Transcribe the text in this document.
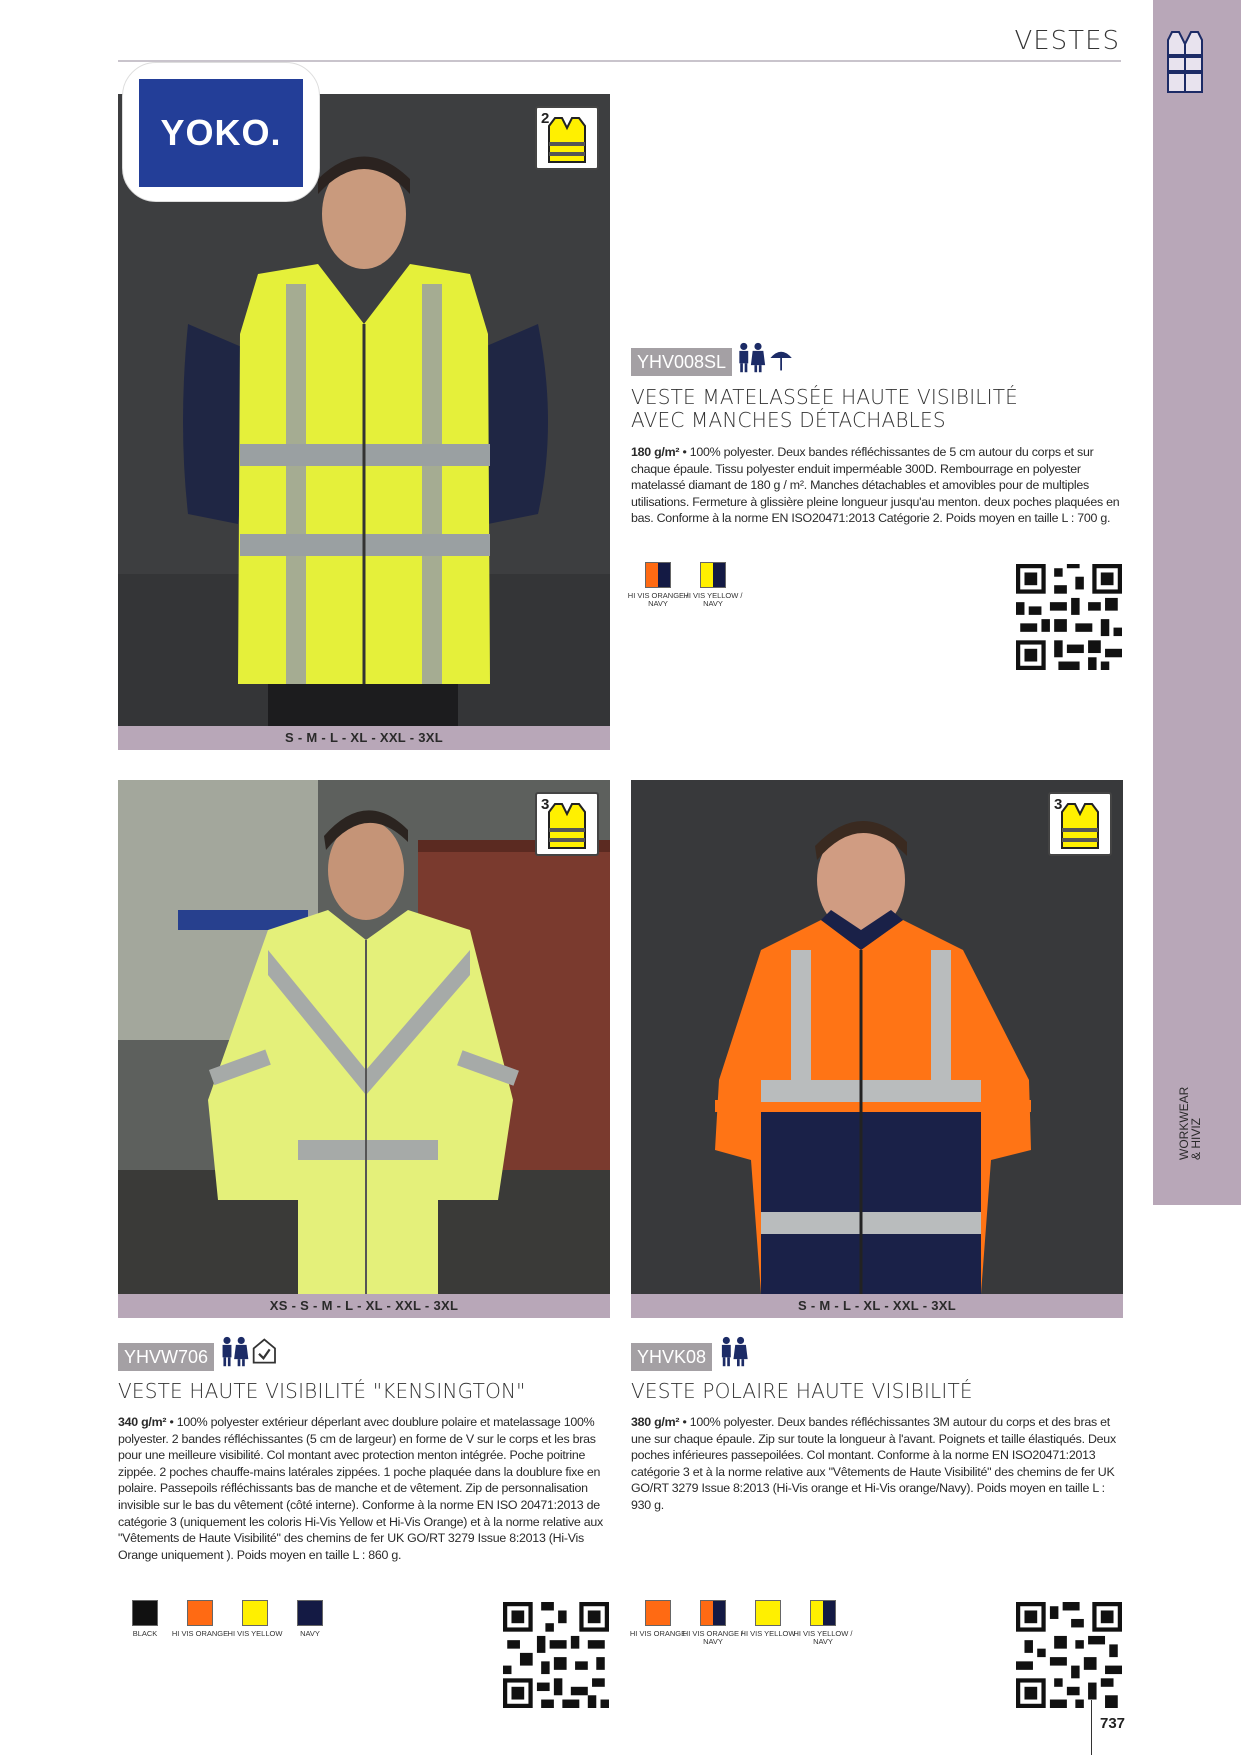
VESTES
WORKWEAR
& HIVIZ
YOKO.	2
S - M - L - XL - XXL - 3XL
YHV008SL
VESTE MATELASSÉE HAUTE VISIBILITÉ
AVEC MANCHES DÉTACHABLES
180 g/m² • 100% polyester. Deux bandes réfléchissantes de 5 cm autour du corps et sur chaque épaule. Tissu polyester enduit imperméable 300D. Rembourrage en polyester matelassé diamant de 180 g / m². Manches détachables et amovibles pour de multiples utilisations. Fermeture à glissière pleine longueur jusqu'au menton. deux poches plaquées en bas. Conforme à la norme EN ISO20471:2013 Catégorie 2. Poids moyen en taille L : 700 g.
HI VIS ORANGE / NAVY
HI VIS YELLOW / NAVY
3
XS - S - M - L - XL - XXL - 3XL
3
S - M - L - XL - XXL - 3XL
YHVW706
VESTE HAUTE VISIBILITÉ "KENSINGTON"
340 g/m² • 100% polyester extérieur déperlant avec doublure polaire et matelassage 100% polyester. 2 bandes réfléchissantes (5 cm de largeur) en forme de V sur le corps et les bras pour une meilleure visibilité. Col montant avec protection menton intégrée. Poche poitrine zippée. 2 poches chauffe-mains latérales zippées. 1 poche plaquée dans la doublure fixe en polaire. Passepoils réfléchissants bas de manche et de vêtement. Zip de personnalisation invisible sur le bas du vêtement (côté interne). Conforme à la norme EN ISO 20471:2013 de catégorie 3 (uniquement les coloris Hi-Vis Yellow et Hi-Vis Orange) et à la norme relative aux "Vêtements de Haute Visibilité" des chemins de fer UK GO/RT 3279 Issue 8:2013 (Hi-Vis Orange uniquement ). Poids moyen en taille L : 860 g.
BLACK	HI VIS ORANGE HI VIS YELLOW	NAVY
YHVK08
VESTE POLAIRE HAUTE VISIBILITÉ
380 g/m² • 100% polyester. Deux bandes réfléchissantes 3M autour du corps et des bras et une sur chaque épaule. Zip sur toute la longueur à l'avant. Poignets et taille élastiqués. Deux poches inférieures passepoilées. Col montant. Conforme à la norme EN ISO20471:2013 catégorie 3 et à la norme relative aux "Vêtements de Haute Visibilité" des chemins de fer UK GO/RT 3279 Issue 8:2013 (Hi-Vis orange et Hi-Vis orange/Navy). Poids moyen en taille L : 930 g.
HI VIS ORANGE
HI VIS ORANGE / NAVY
HI VIS YELLOW
HI VIS YELLOW / NAVY
737
